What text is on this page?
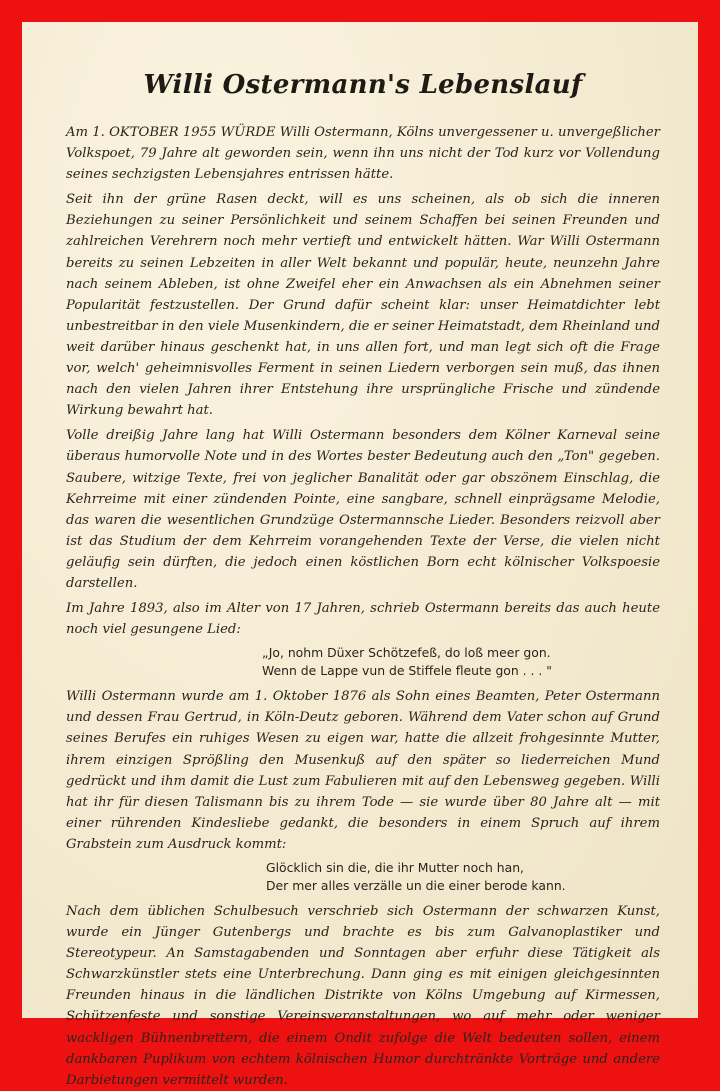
Willi Ostermann's Lebenslauf

Am 1. OKTOBER 1955 WÜRDE Willi Ostermann, Kölns unvergessener u. unvergeßlicher Volkspoet, 79 Jahre alt geworden sein, wenn ihn uns nicht der Tod kurz vor Vollendung seines sechzigsten Lebensjahres entrissen hätte.

Seit ihn der grüne Rasen deckt, will es uns scheinen, als ob sich die inneren Beziehungen zu seiner Persönlichkeit und seinem Schaffen bei seinen Freunden und zahlreichen Verehrern noch mehr vertieft und entwickelt hätten. War Willi Ostermann bereits zu seinen Lebzeiten in aller Welt bekannt und populär, heute, neunzehn Jahre nach seinem Ableben, ist ohne Zweifel eher ein Anwachsen als ein Abnehmen seiner Popularität festzustellen. Der Grund dafür scheint klar: unser Heimatdichter lebt unbestreitbar in den viele Musenkindern, die er seiner Heimatstadt, dem Rheinland und weit darüber hinaus geschenkt hat, in uns allen fort, und man legt sich oft die Frage vor, welch' geheimnisvolles Ferment in seinen Liedern verborgen sein muß, das ihnen nach den vielen Jahren ihrer Entstehung ihre ursprüngliche Frische und zündende Wirkung bewahrt hat.

Volle dreißig Jahre lang hat Willi Ostermann besonders dem Kölner Karneval seine überaus humorvolle Note und in des Wortes bester Bedeutung auch den „Ton" gegeben. Saubere, witzige Texte, frei von jeglicher Banalität oder gar obszönem Einschlag, die Kehrreime mit einer zündenden Pointe, eine sangbare, schnell einprägsame Melodie, das waren die wesentlichen Grundzüge Ostermannsche Lieder. Besonders reizvoll aber ist das Studium der dem Kehrreim vorangehenden Texte der Verse, die vielen nicht geläufig sein dürften, die jedoch einen köstlichen Born echt kölnischer Volkspoesie darstellen.

Im Jahre 1893, also im Alter von 17 Jahren, schrieb Ostermann bereits das auch heute noch viel gesungene Lied:

„Jo, nohm Düxer Schötzefeß, do loß meer gon.
Wenn de Lappe vun de Stiffele fleute gon . . . "

Willi Ostermann wurde am 1. Oktober 1876 als Sohn eines Beamten, Peter Ostermann und dessen Frau Gertrud, in Köln-Deutz geboren. Während dem Vater schon auf Grund seines Berufes ein ruhiges Wesen zu eigen war, hatte die allzeit frohgesinnte Mutter, ihrem einzigen Sprößling den Musenkuß auf den später so liederreichen Mund gedrückt und ihm damit die Lust zum Fabulieren mit auf den Lebensweg gegeben. Willi hat ihr für diesen Talismann bis zu ihrem Tode — sie wurde über 80 Jahre alt — mit einer rührenden Kindesliebe gedankt, die besonders in einem Spruch auf ihrem Grabstein zum Ausdruck kommt:

Glöcklich sin die, die ihr Mutter noch han,
Der mer alles verzälle un die einer berode kann.

Nach dem üblichen Schulbesuch verschrieb sich Ostermann der schwarzen Kunst, wurde ein Jünger Gutenbergs und brachte es bis zum Galvanoplastiker und Stereotypeur. An Samstagabenden und Sonntagen aber erfuhr diese Tätigkeit als Schwarzkünstler stets eine Unterbrechung. Dann ging es mit einigen gleichgesinnten Freunden hinaus in die ländlichen Distrikte von Kölns Umgebung auf Kirmessen, Schützenfeste und sonstige Vereinsveranstaltungen, wo auf mehr oder weniger wackligen Bühnenbrettern, die einem Ondit zufolge die Welt bedeuten sollen, einem dankbaren Puplikum von echtem kölnischen Humor durchtränkte Vorträge und andere Darbietungen vermittelt wurden.
